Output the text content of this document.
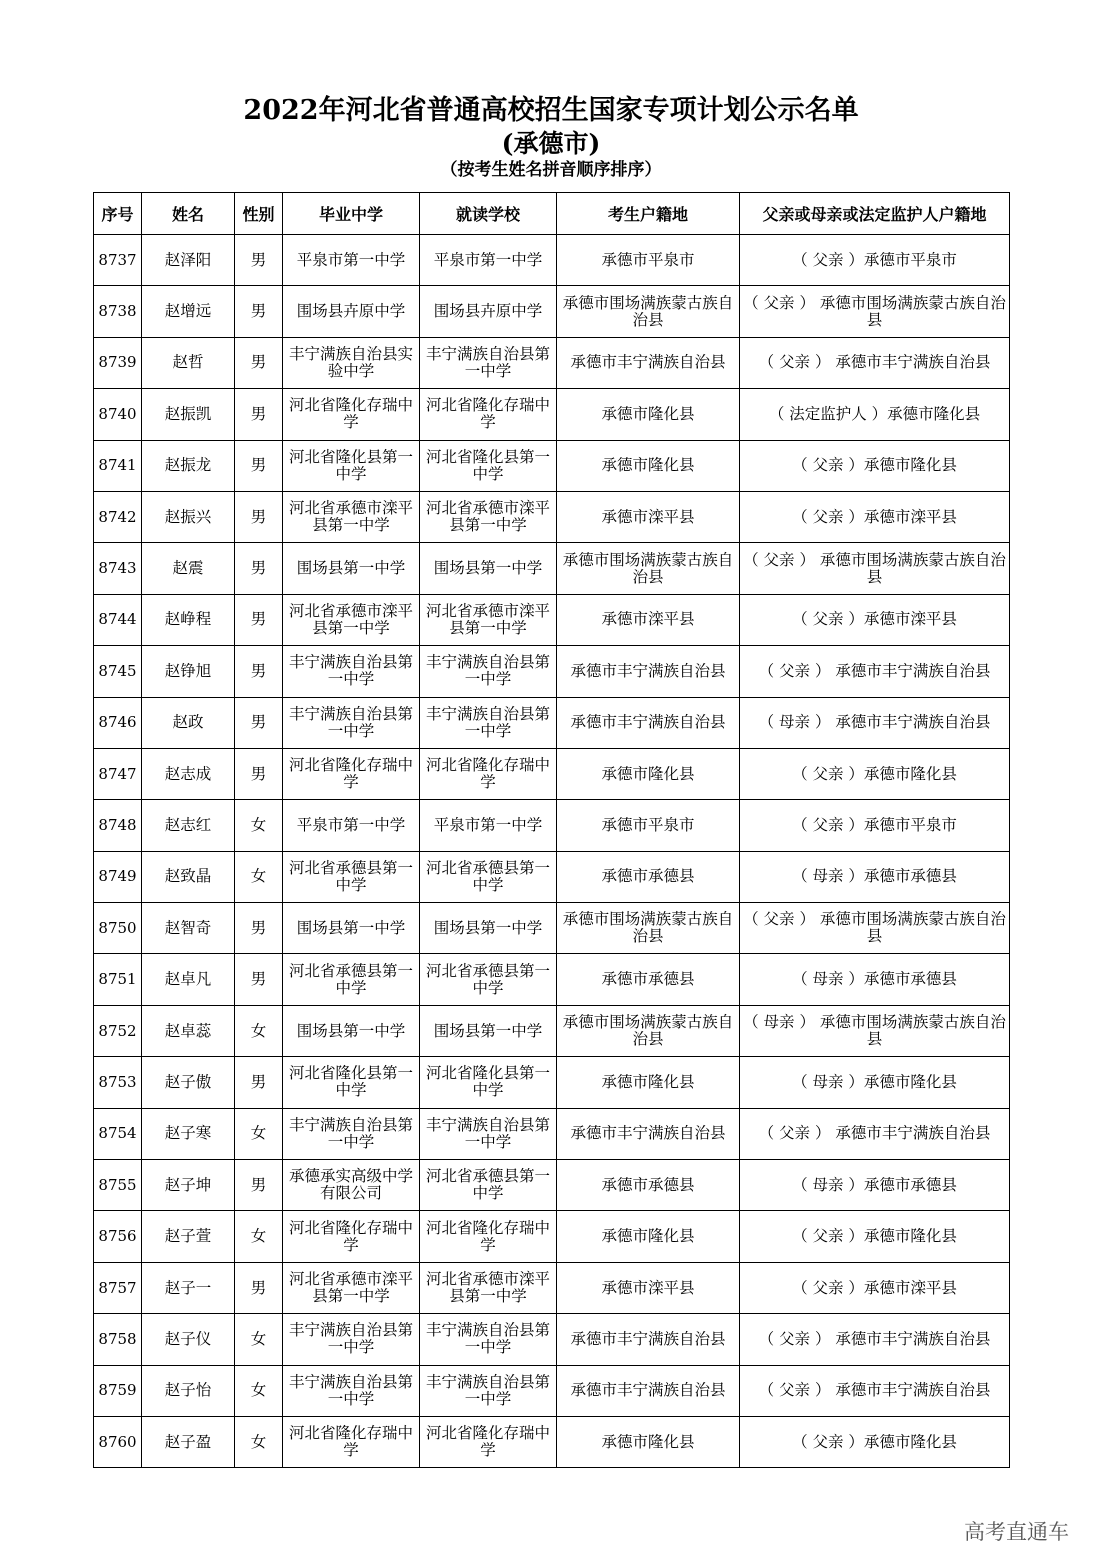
2022年河北省普通高校招生国家专项计划公示名单
(承德市)
（按考生姓名拼音顺序排序）
序号	姓名	性别	毕业中学	就读学校	考生户籍地	父亲或母亲或法定监护人户籍地
8737	赵泽阳	男	平泉市第一中学	平泉市第一中学	承德市平泉市	（ 父亲 ）承德市平泉市
8738	赵增远	男	围场县卉原中学	围场县卉原中学	承德市围场满族蒙古族自治县	（ 父亲 ） 承德市围场满族蒙古族自治县
8739	赵哲	男	丰宁满族自治县实验中学	丰宁满族自治县第一中学	承德市丰宁满族自治县	（ 父亲 ） 承德市丰宁满族自治县
8740	赵振凯	男	河北省隆化存瑞中学	河北省隆化存瑞中学	承德市隆化县	（ 法定监护人 ）承德市隆化县
8741	赵振龙	男	河北省隆化县第一中学	河北省隆化县第一中学	承德市隆化县	（ 父亲 ）承德市隆化县
8742	赵振兴	男	河北省承德市滦平县第一中学	河北省承德市滦平县第一中学	承德市滦平县	（ 父亲 ）承德市滦平县
8743	赵震	男	围场县第一中学	围场县第一中学	承德市围场满族蒙古族自治县	（ 父亲 ） 承德市围场满族蒙古族自治县
8744	赵峥程	男	河北省承德市滦平县第一中学	河北省承德市滦平县第一中学	承德市滦平县	（ 父亲 ）承德市滦平县
8745	赵铮旭	男	丰宁满族自治县第一中学	丰宁满族自治县第一中学	承德市丰宁满族自治县	（ 父亲 ） 承德市丰宁满族自治县
8746	赵政	男	丰宁满族自治县第一中学	丰宁满族自治县第一中学	承德市丰宁满族自治县	（ 母亲 ） 承德市丰宁满族自治县
8747	赵志成	男	河北省隆化存瑞中学	河北省隆化存瑞中学	承德市隆化县	（ 父亲 ）承德市隆化县
8748	赵志红	女	平泉市第一中学	平泉市第一中学	承德市平泉市	（ 父亲 ）承德市平泉市
8749	赵致晶	女	河北省承德县第一中学	河北省承德县第一中学	承德市承德县	（ 母亲 ）承德市承德县
8750	赵智奇	男	围场县第一中学	围场县第一中学	承德市围场满族蒙古族自治县	（ 父亲 ） 承德市围场满族蒙古族自治县
8751	赵卓凡	男	河北省承德县第一中学	河北省承德县第一中学	承德市承德县	（ 母亲 ）承德市承德县
8752	赵卓蕊	女	围场县第一中学	围场县第一中学	承德市围场满族蒙古族自治县	（ 母亲 ） 承德市围场满族蒙古族自治县
8753	赵子傲	男	河北省隆化县第一中学	河北省隆化县第一中学	承德市隆化县	（ 母亲 ）承德市隆化县
8754	赵子寒	女	丰宁满族自治县第一中学	丰宁满族自治县第一中学	承德市丰宁满族自治县	（ 父亲 ） 承德市丰宁满族自治县
8755	赵子坤	男	承德承实高级中学有限公司	河北省承德县第一中学	承德市承德县	（ 母亲 ）承德市承德县
8756	赵子萱	女	河北省隆化存瑞中学	河北省隆化存瑞中学	承德市隆化县	（ 父亲 ）承德市隆化县
8757	赵子一	男	河北省承德市滦平县第一中学	河北省承德市滦平县第一中学	承德市滦平县	（ 父亲 ）承德市滦平县
8758	赵子仪	女	丰宁满族自治县第一中学	丰宁满族自治县第一中学	承德市丰宁满族自治县	（ 父亲 ） 承德市丰宁满族自治县
8759	赵子怡	女	丰宁满族自治县第一中学	丰宁满族自治县第一中学	承德市丰宁满族自治县	（ 父亲 ） 承德市丰宁满族自治县
8760	赵子盈	女	河北省隆化存瑞中学	河北省隆化存瑞中学	承德市隆化县	（ 父亲 ）承德市隆化县
高考直通车
